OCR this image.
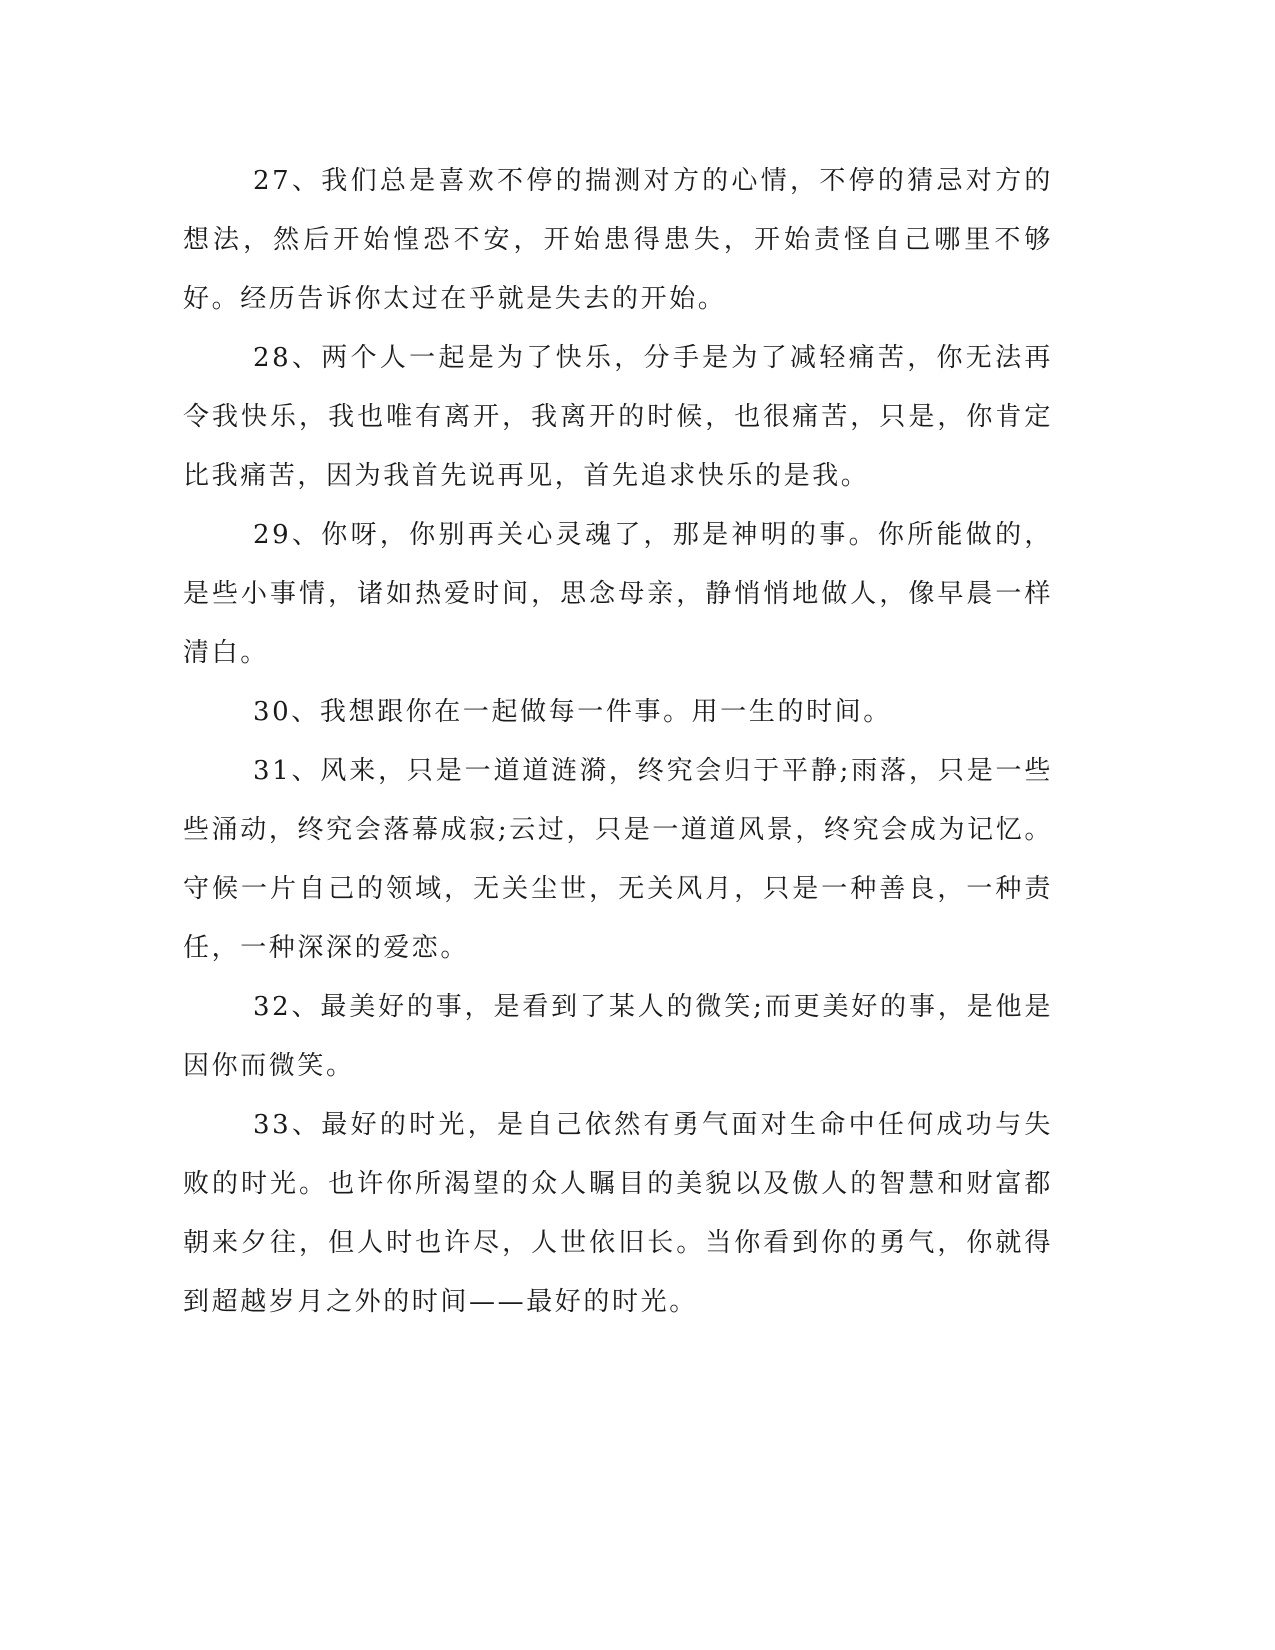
27、我们总是喜欢不停的揣测对方的心情，不停的猜忌对方的想法，然后开始惶恐不安，开始患得患失，开始责怪自己哪里不够好。经历告诉你太过在乎就是失去的开始。

28、两个人一起是为了快乐，分手是为了减轻痛苦，你无法再令我快乐，我也唯有离开，我离开的时候，也很痛苦，只是，你肯定比我痛苦，因为我首先说再见，首先追求快乐的是我。

29、你呀，你别再关心灵魂了，那是神明的事。你所能做的，是些小事情，诸如热爱时间，思念母亲，静悄悄地做人，像早晨一样清白。

30、我想跟你在一起做每一件事。用一生的时间。

31、风来，只是一道道涟漪，终究会归于平静;雨落，只是一些些涌动，终究会落幕成寂;云过，只是一道道风景，终究会成为记忆。守候一片自己的领域，无关尘世，无关风月，只是一种善良，一种责任，一种深深的爱恋。

32、最美好的事，是看到了某人的微笑;而更美好的事，是他是因你而微笑。

33、最好的时光，是自己依然有勇气面对生命中任何成功与失败的时光。也许你所渴望的众人瞩目的美貌以及傲人的智慧和财富都朝来夕往，但人时也许尽，人世依旧长。当你看到你的勇气，你就得到超越岁月之外的时间——最好的时光。
